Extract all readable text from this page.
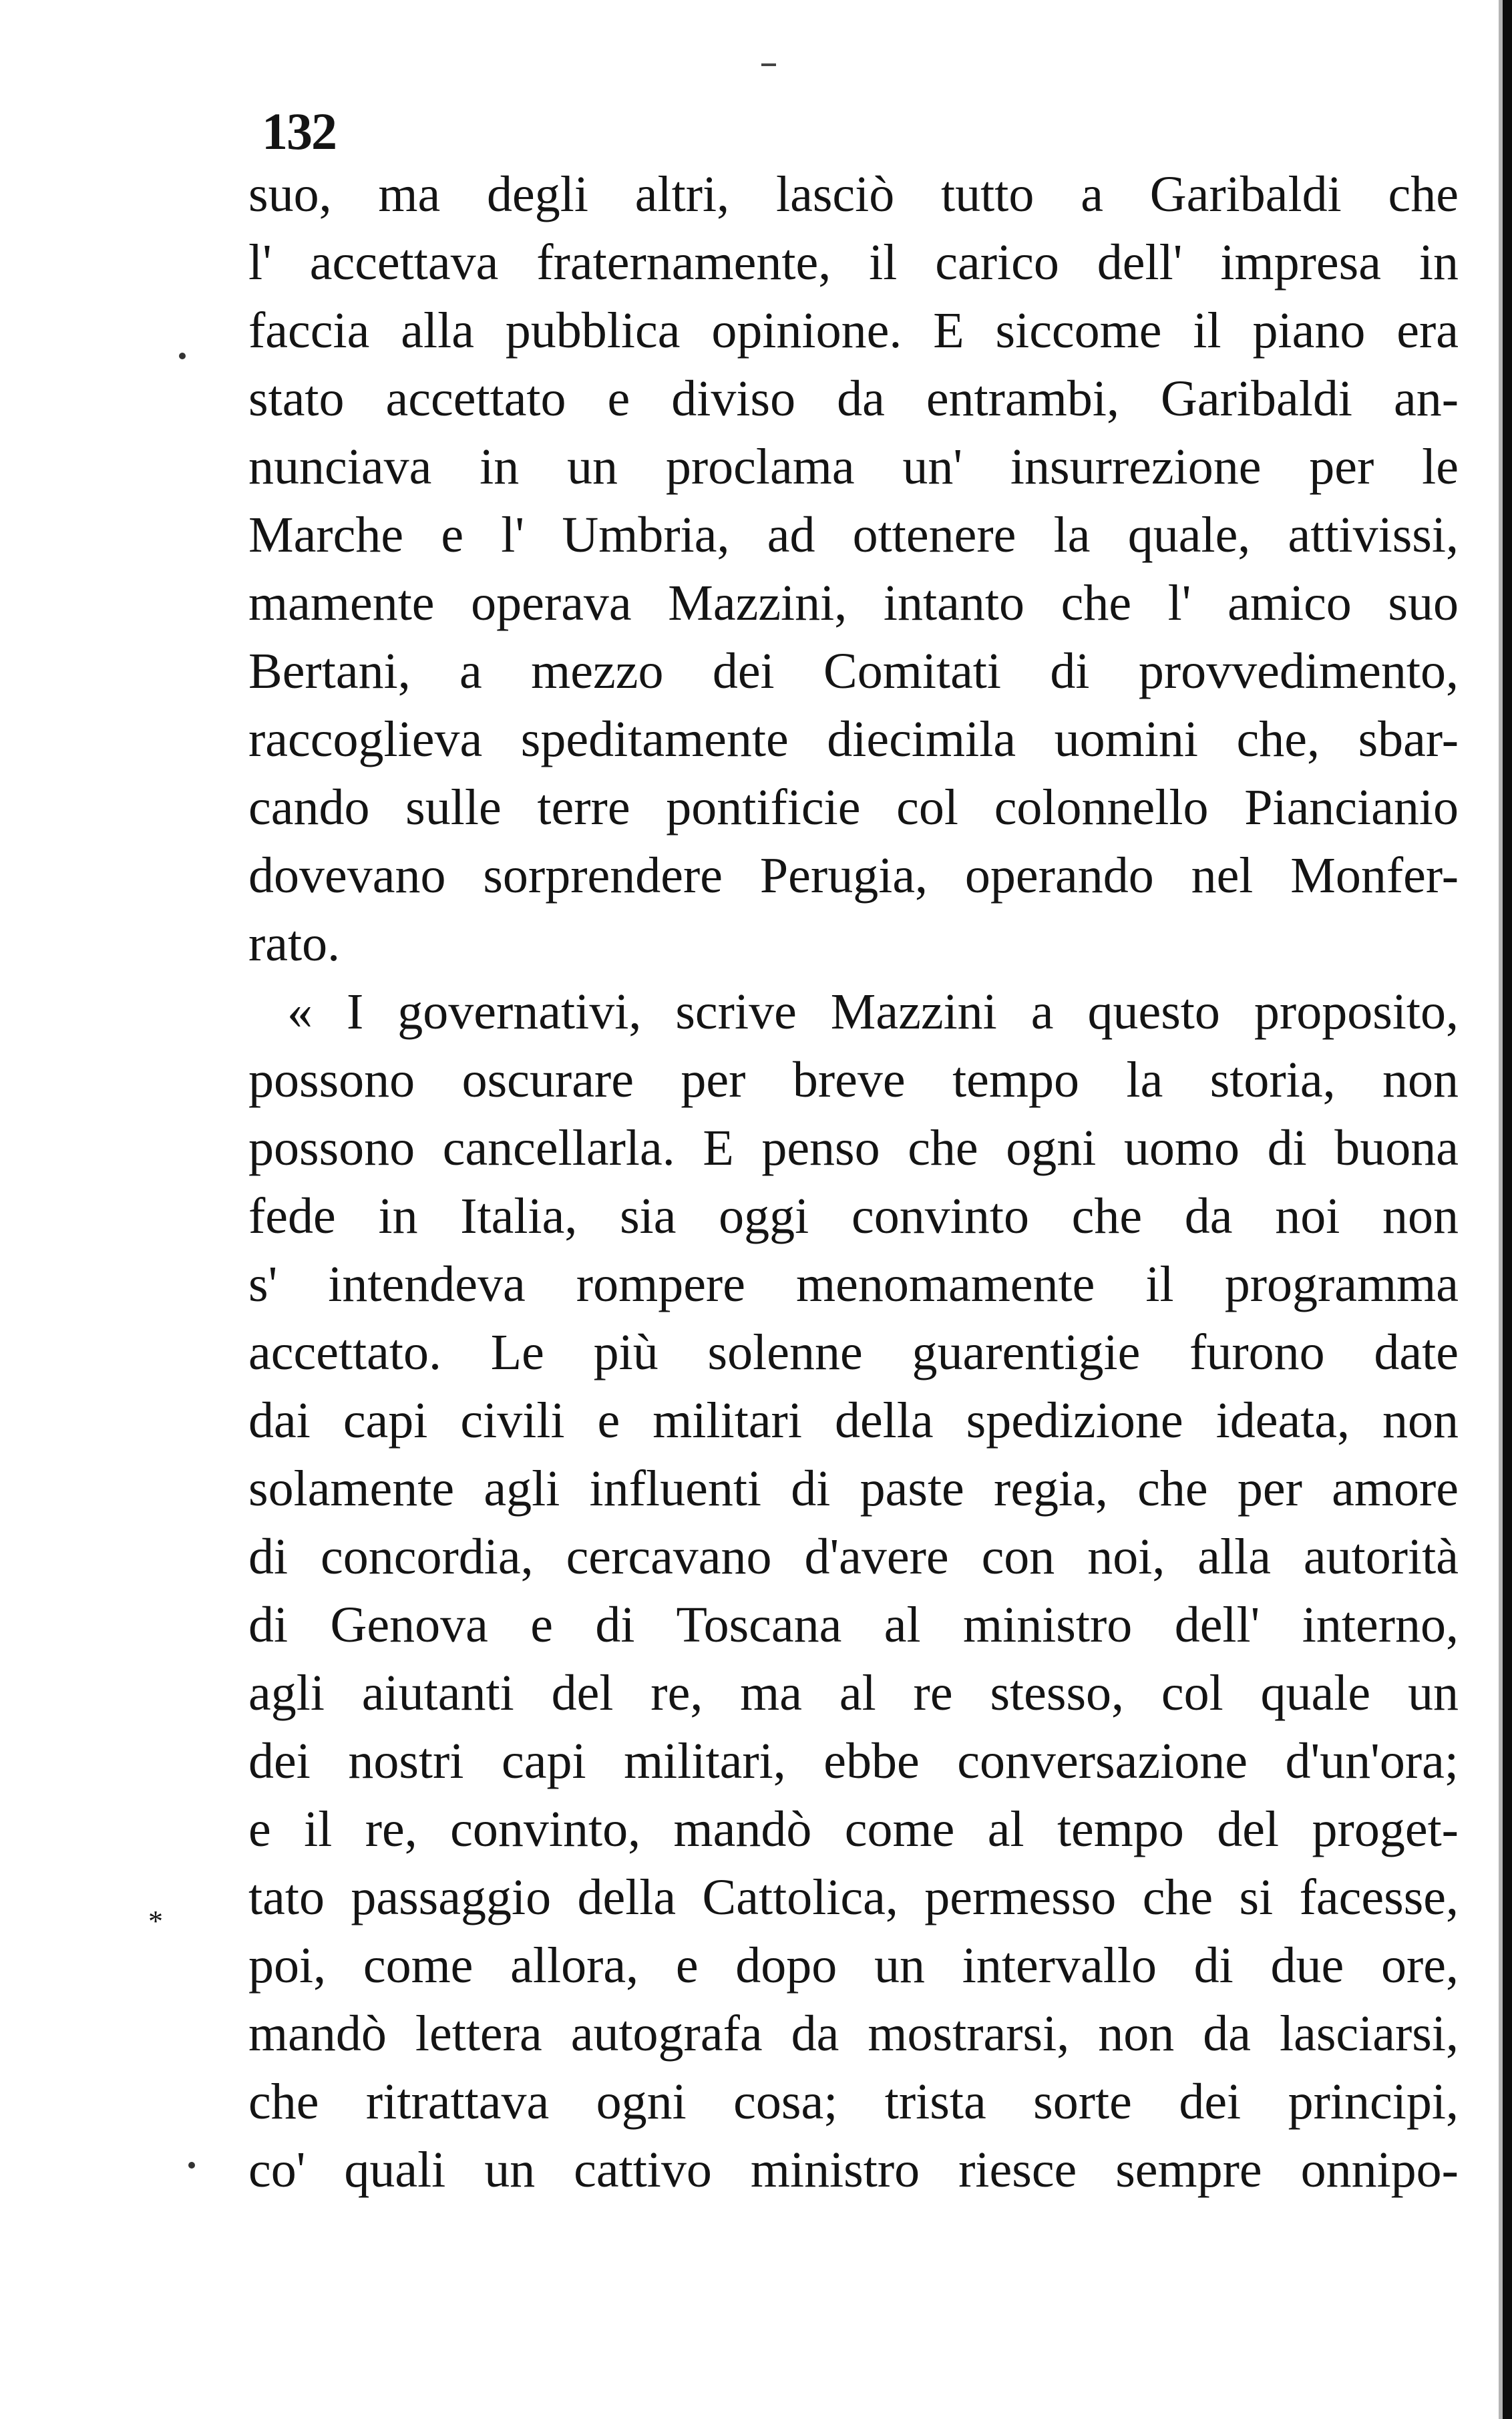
132
suo, ma degli altri, lasciò tutto a Garibaldi che
l' accettava fraternamente, il carico dell' impresa in
faccia alla pubblica opinione. E siccome il piano era
stato accettato e diviso da entrambi, Garibaldi an-
nunciava in un proclama un' insurrezione per le
Marche e l' Umbria, ad ottenere la quale, attivissi,
mamente operava Mazzini, intanto che l' amico suo
Bertani, a mezzo dei Comitati di provvedimento,
raccoglieva speditamente diecimila uomini che, sbar-
cando sulle terre pontificie col colonnello Piancianio
dovevano sorprendere Perugia, operando nel Monfer-
rato.
« I governativi, scrive Mazzini a questo proposito,
possono oscurare per breve tempo la storia, non
possono cancellarla. E penso che ogni uomo di buona
fede in Italia, sia oggi convinto che da noi non
s' intendeva rompere menomamente il programma
accettato. Le più solenne guarentigie furono date
dai capi civili e militari della spedizione ideata, non
solamente agli influenti di paste regia, che per amore
di concordia, cercavano d'avere con noi, alla autorità
di Genova e di Toscana al ministro dell' interno,
agli aiutanti del re, ma al re stesso, col quale un
dei nostri capi militari, ebbe conversazione d'un'ora;
e il re, convinto, mandò come al tempo del proget-
tato passaggio della Cattolica, permesso che si facesse,
poi, come allora, e dopo un intervallo di due ore,
mandò lettera autografa da mostrarsi, non da lasciarsi,
che ritrattava ogni cosa; trista sorte dei principi,
co' quali un cattivo ministro riesce sempre onnipo-
*
